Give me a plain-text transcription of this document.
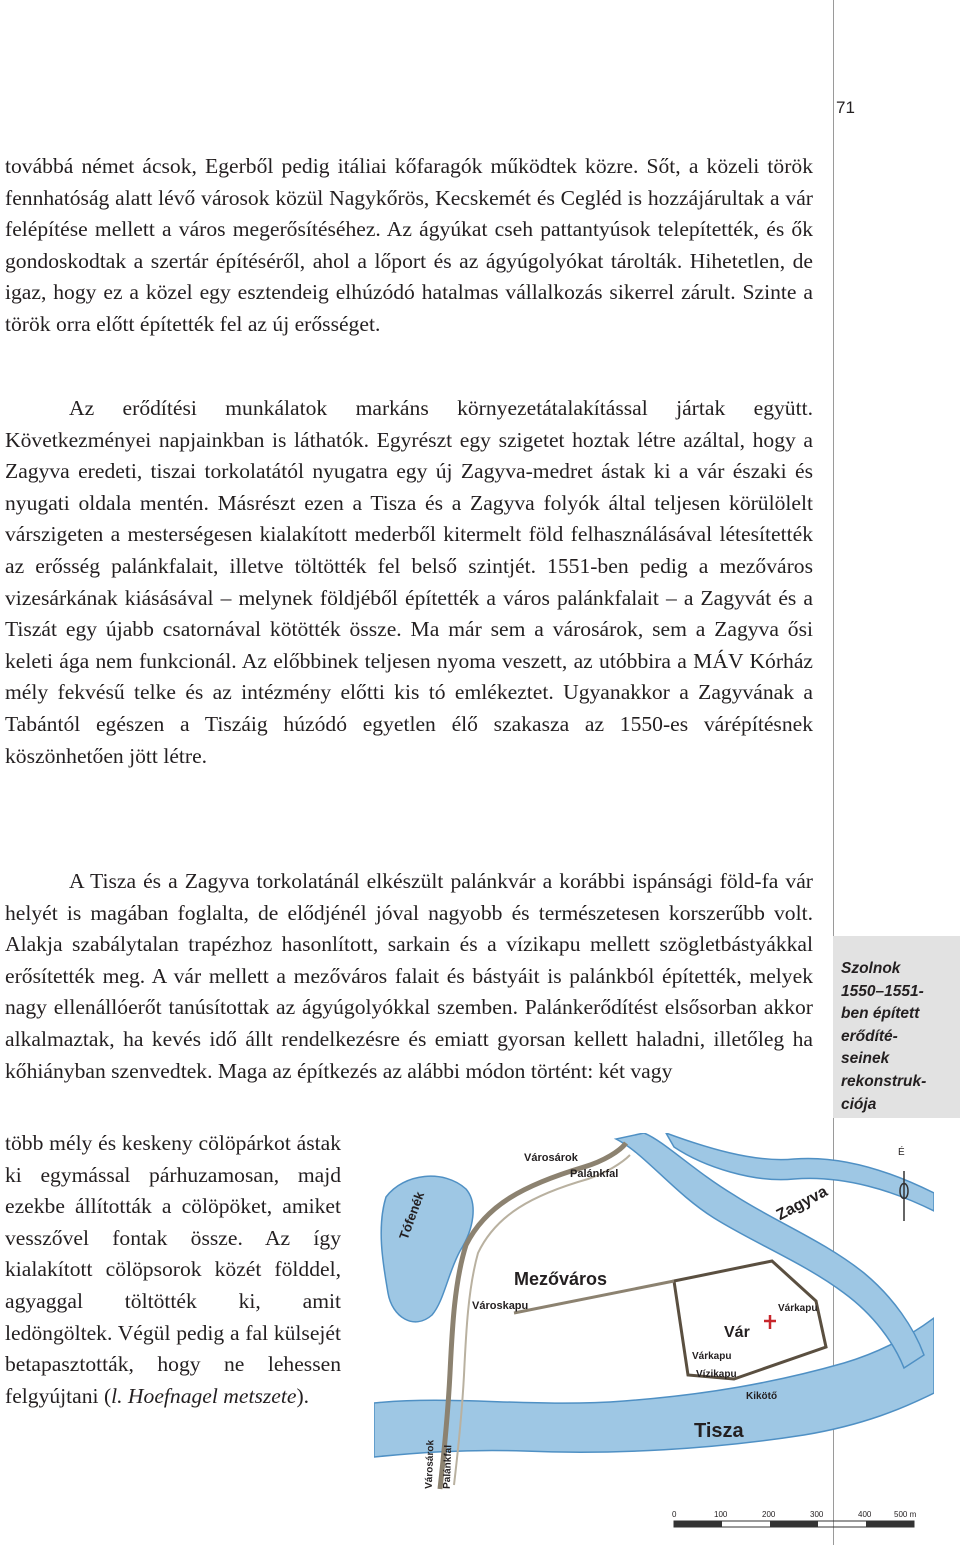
71

továbbá német ácsok, Egerből pedig itáliai kőfaragók működtek közre. Sőt, a közeli török fennhatóság alatt lévő városok közül Nagykőrös, Kecskemét és Cegléd is hozzájárultak a vár felépítése mellett a város megerősítéséhez. Az ágyúkat cseh pattantyúsok telepítették, és ők gondoskodtak a szertár építéséről, ahol a lőport és az ágyúgolyókat tárolták. Hihetetlen, de igaz, hogy ez a közel egy esztendeig elhúzódó hatalmas vállalkozás sikerrel zárult. Szinte a török orra előtt építették fel az új erősséget.

Az erődítési munkálatok markáns környezetátalakítással jártak együtt. Következményei napjainkban is láthatók. Egyrészt egy szigetet hoztak létre azáltal, hogy a Zagyva eredeti, tiszai torkolatától nyugatra egy új Zagyva-medret ástak ki a vár északi és nyugati oldala mentén. Másrészt ezen a Tisza és a Zagyva folyók által teljesen körülölelt várszigeten a mesterségesen kialakított mederből kitermelt föld felhasználásával létesítették az erősség palánkfalait, illetve töltötték fel belső szintjét. 1551-ben pedig a mezőváros vizesárkának kiásásával – melynek földjéből építették a város palánkfalait – a Zagyvát és a Tiszát egy újabb csatornával kötötték össze. Ma már sem a városárok, sem a Zagyva ősi keleti ága nem funkcionál. Az előbbinek teljesen nyoma veszett, az utóbbira a MÁV Kórház mély fekvésű telke és az intézmény előtti kis tó emlékeztet. Ugyanakkor a Zagyvának a Tabántól egészen a Tiszáig húzódó egyetlen élő szakasza az 1550-es várépítésnek köszönhetően jött létre.

A Tisza és a Zagyva torkolatánál elkészült palánkvár a korábbi ispánsági föld-fa vár helyét is magában foglalta, de elődjénél jóval nagyobb és természetesen korszerűbb volt. Alakja szabálytalan trapézhoz hasonlított, sarkain és a vízikapu mellett szögletbástyákkal erősítették meg. A vár mellett a mezőváros falait és bástyáit is palánkból építették, melyek nagy ellenállóerőt tanúsítottak az ágyúgolyókkal szemben. Palánkerődítést elsősorban akkor alkalmaztak, ha kevés idő állt rendelkezésre és emiatt gyorsan kellett haladni, illetőleg ha kőhiányban szenvedtek. Maga az építkezés az alábbi módon történt: két vagy

több mély és keskeny cölöpárkot ástak ki egymással párhuzamosan, majd ezekbe állították a cölöpöket, amiket vesszővel fontak össze. Az így kialakított cölöpsorok közét földdel, agyaggal töltötték ki, amit ledöngöltek. Végül pedig a fal külsejét betapasztották, hogy ne lehessen felgyújtani (l. Hoefnagel metszete).

Szolnok
1550–1551-
ben épített
erődíté-
seinek
rekonstruk-
ciója
Városárok
Palánkfal
Tófenék
Mezőváros
Városkapu
Zagyva
Vár
Várkapu
Várkapu
Vízikapu
Kikötő
Tisza
Városárok Palánkfal
É
0	100	200	300	400	500 m
